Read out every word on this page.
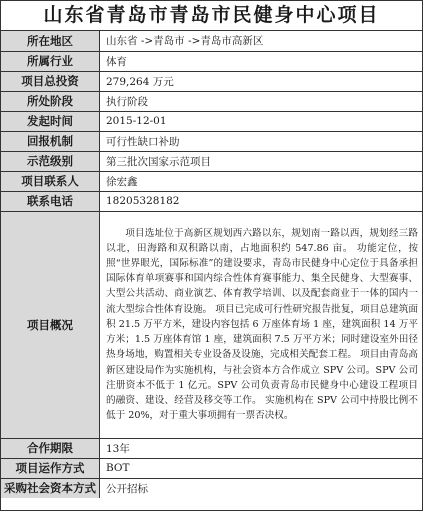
山东省青岛市青岛市民健身中心项目
所在地区	山东省 ->青岛市 ->青岛市高新区
所属行业	体育
项目总投资	279,264 万元
所处阶段	执行阶段
发起时间	2015-12-01
回报机制	可行性缺口补助
示范级别	第三批次国家示范项目
项目联系人	徐宏鑫
联系电话	18205328182
项目概况	项目选址位于高新区规划西六路以东，规划南一路以西，规划经三路以北，田海路和双积路以南，占地面积约 547.86 亩。 功能定位，按照“世界眼光，国际标准”的建设要求，青岛市民健身中心定位于具备承担国际体育单项赛事和国内综合性体育赛事能力、集全民健身、大型赛事、大型公共活动、商业演艺、体育教学培训、以及配套商业于一体的国内一流大型综合性体育设施。 项目已完成可行性研究报告批复，项目总建筑面积 21.5 万平方米，建设内容包括 6 万座体育场 1 座，建筑面积 14 万平方米；1.5 万座体育馆 1 座，建筑面积 7.5 万平方米；同时建设室外田径热身场地，购置相关专业设备及设施，完成相关配套工程。 项目由青岛高新区建设局作为实施机构，与社会资本方合作成立 SPV 公司。SPV 公司注册资本不低于 1 亿元。SPV 公司负责青岛市民健身中心建设工程项目的融资、建设、经营及移交等工作。 实施机构在 SPV 公司中持股比例不低于 20%，对于重大事项拥有一票否决权。

合作期限	13年
项目运作方式	BOT
采购社会资本方式	公开招标
